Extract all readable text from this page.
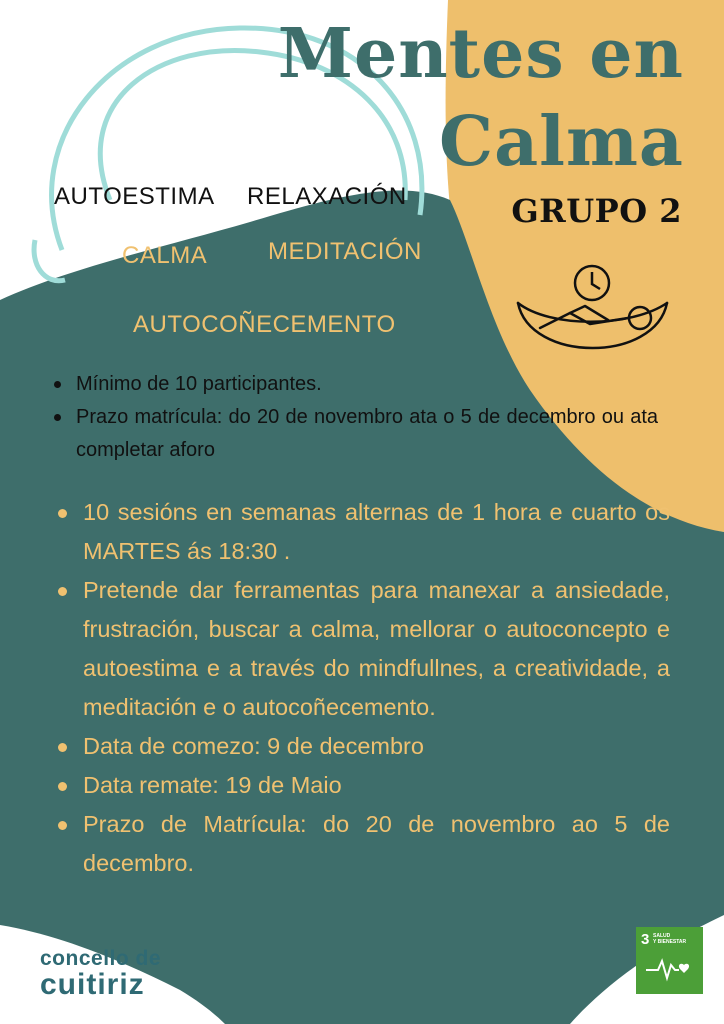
Mentes en
Calma
GRUPO 2
AUTOESTIMA RELAXACIÓN
CALMA	MEDITACIÓN
AUTOCOÑECEMENTO
Mínimo de 10 participantes.
Prazo matrícula: do 20 de novembro ata o 5 de decembro ou ata completar aforo
10 sesións en semanas alternas de 1 hora e cuarto os MARTES ás 18:30 .
Pretende dar ferramentas para manexar a ansiedade, frustración, buscar a calma, mellorar o autoconcepto e autoestima e a través do mindfullnes, a creatividade, a meditación e o autocoñecemento.
Data de comezo: 9 de decembro
Data remate: 19 de Maio
Prazo de Matrícula: do 20 de novembro ao 5 de decembro.
concello de
cuitiriz
3 SALUD
Y BIENESTAR
